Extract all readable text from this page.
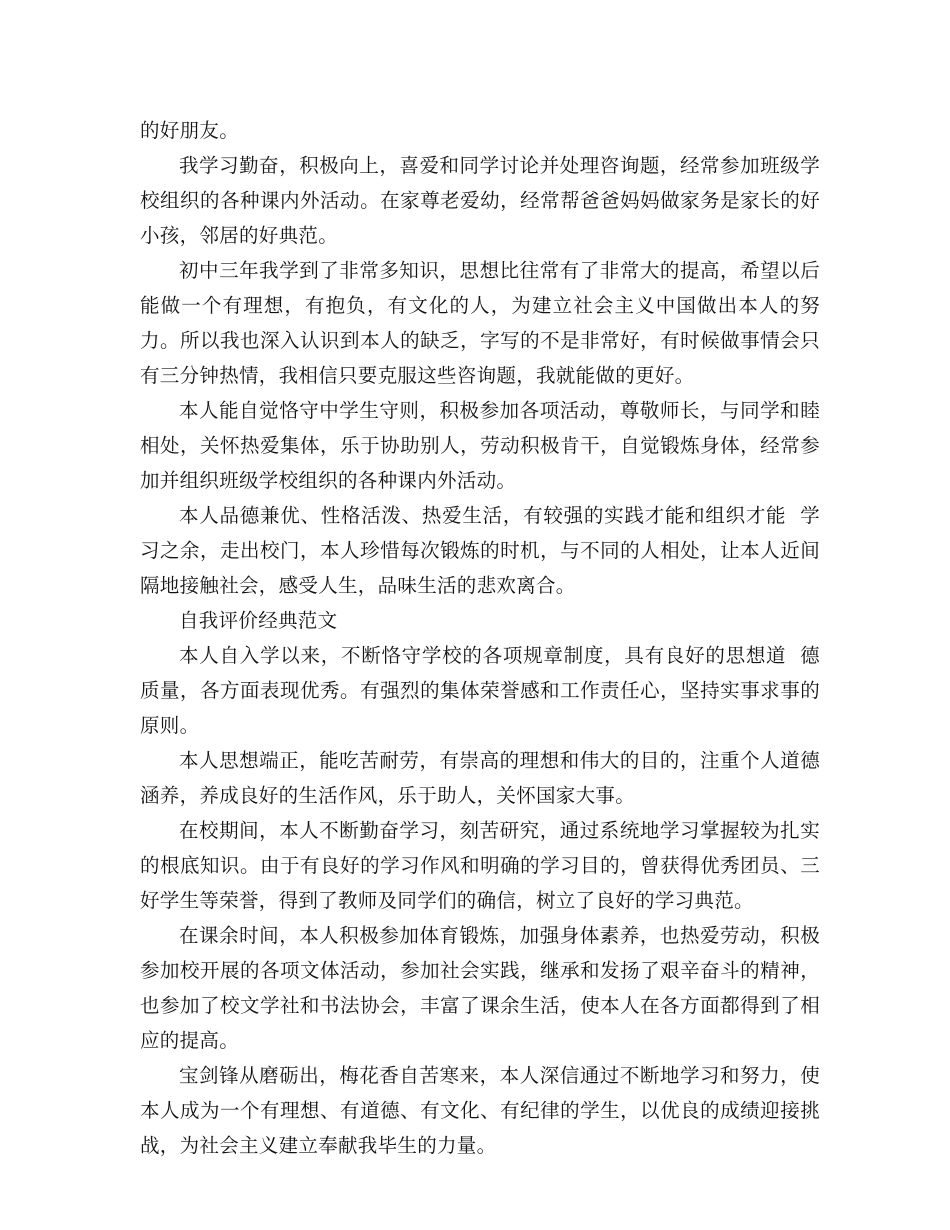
的好朋友。

我学习勤奋，积极向上，喜爱和同学讨论并处理咨询题，经常参加班级学校组织的各种课内外活动。在家尊老爱幼，经常帮爸爸妈妈做家务是家长的好小孩，邻居的好典范。

初中三年我学到了非常多知识，思想比往常有了非常大的提高，希望以后能做一个有理想，有抱负，有文化的人，为建立社会主义中国做出本人的努力。所以我也深入认识到本人的缺乏，字写的不是非常好，有时候做事情会只有三分钟热情，我相信只要克服这些咨询题，我就能做的更好。

本人能自觉恪守中学生守则，积极参加各项活动，尊敬师长，与同学和睦相处，关怀热爱集体，乐于协助别人，劳动积极肯干，自觉锻炼身体，经常参加并组织班级学校组织的各种课内外活动。

本人品德兼优、性格活泼、热爱生活，有较强的实践才能和组织才能  学习之余，走出校门，本人珍惜每次锻炼的时机，与不同的人相处，让本人近间隔地接触社会，感受人生，品味生活的悲欢离合。

自我评价经典范文

本人自入学以来，不断恪守学校的各项规章制度，具有良好的思想道  德质量，各方面表现优秀。有强烈的集体荣誉感和工作责任心，坚持实事求事的原则。

本人思想端正，能吃苦耐劳，有崇高的理想和伟大的目的，注重个人道德涵养，养成良好的生活作风，乐于助人，关怀国家大事。

在校期间，本人不断勤奋学习，刻苦研究，通过系统地学习掌握较为扎实的根底知识。由于有良好的学习作风和明确的学习目的，曾获得优秀团员、三好学生等荣誉，得到了教师及同学们的确信，树立了良好的学习典范。

在课余时间，本人积极参加体育锻炼，加强身体素养，也热爱劳动，积极参加校开展的各项文体活动，参加社会实践，继承和发扬了艰辛奋斗的精神，也参加了校文学社和书法协会，丰富了课余生活，使本人在各方面都得到了相应的提高。

宝剑锋从磨砺出，梅花香自苦寒来，本人深信通过不断地学习和努力，使本人成为一个有理想、有道德、有文化、有纪律的学生，以优良的成绩迎接挑战，为社会主义建立奉献我毕生的力量。
